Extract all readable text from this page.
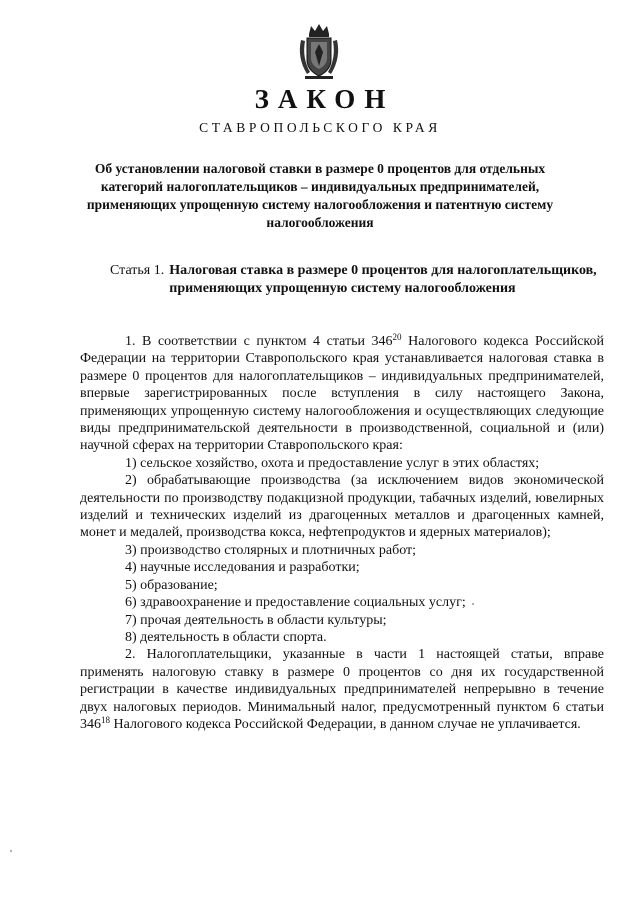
ЗАКОН
СТАВРОПОЛЬСКОГО КРАЯ
Об установлении налоговой ставки в размере 0 процентов для отдельных категорий налогоплательщиков – индивидуальных предпринимателей, применяющих упрощенную систему налогообложения и патентную систему налогообложения
Статья 1. Налоговая ставка в размере 0 процентов для налогоплательщиков, применяющих упрощенную систему налогообложения

1. В соответствии с пунктом 4 статьи $346^{20}$ Налогового кодекса Российской Федерации на территории Ставропольского края устанавливается налоговая ставка в размере 0 процентов для налогоплательщиков – индивидуальных предпринимателей, впервые зарегистрированных после вступления в силу настоящего Закона, применяющих упрощенную систему налогообложения и осуществляющих следующие виды предпринимательской деятельности в производственной, социальной и (или) научной сферах на территории Ставропольского края:

1) сельское хозяйство, охота и предоставление услуг в этих областях;

2) обрабатывающие производства (за исключением видов экономической деятельности по производству подакцизной продукции, табачных изделий, ювелирных изделий и технических изделий из драгоценных металлов и драгоценных камней, монет и медалей, производства кокса, нефтепродуктов и ядерных материалов);

3) производство столярных и плотничных работ;

4) научные исследования и разработки;

5) образование;

6) здравоохранение и предоставление социальных услуг;

7) прочая деятельность в области культуры;

8) деятельность в области спорта.

2. Налогоплательщики, указанные в части 1 настоящей статьи, вправе применять налоговую ставку в размере 0 процентов со дня их государственной регистрации в качестве индивидуальных предпринимателей непрерывно в течение двух налоговых периодов. Минимальный налог, предусмотренный пунктом 6 статьи $346^{18}$ Налогового кодекса Российской Федерации, в данном случае не уплачивается.
